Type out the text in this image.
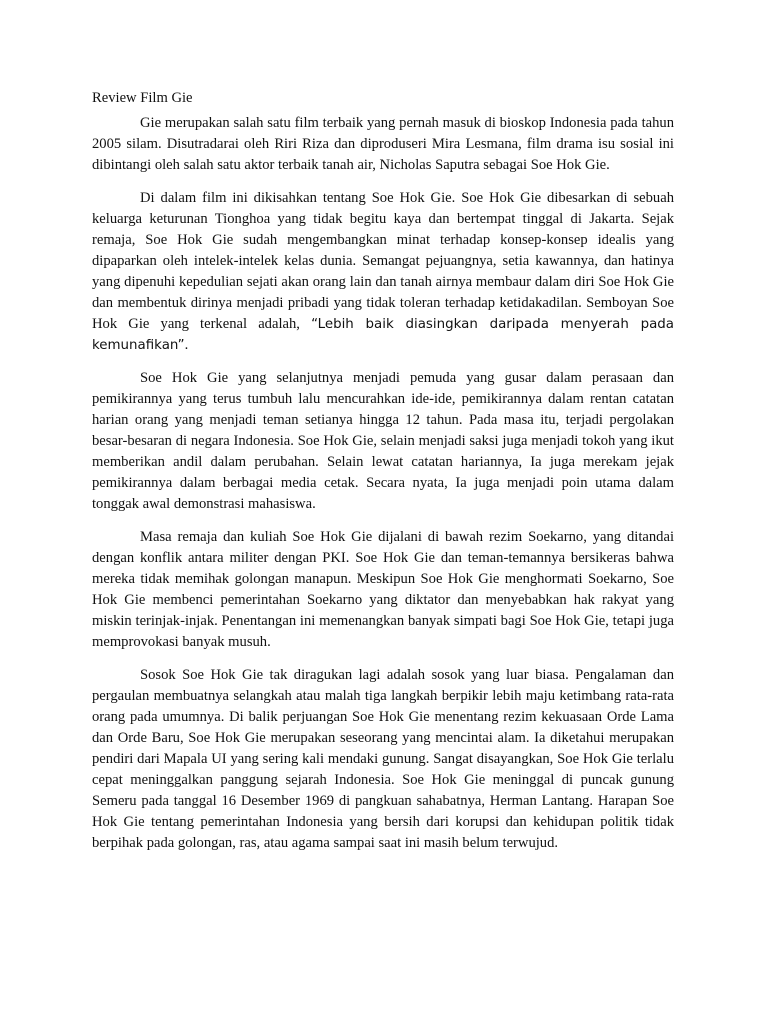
Review Film Gie

Gie merupakan salah satu film terbaik yang pernah masuk di bioskop Indonesia pada tahun 2005 silam. Disutradarai oleh Riri Riza dan diproduseri Mira Lesmana, film drama isu sosial ini dibintangi oleh salah satu aktor terbaik tanah air, Nicholas Saputra sebagai Soe Hok Gie.

Di dalam film ini dikisahkan tentang Soe Hok Gie. Soe Hok Gie dibesarkan di sebuah keluarga keturunan Tionghoa yang tidak begitu kaya dan bertempat tinggal di Jakarta. Sejak remaja, Soe Hok Gie sudah mengembangkan minat terhadap konsep-konsep idealis yang dipaparkan oleh intelek-intelek kelas dunia. Semangat pejuangnya, setia kawannya, dan hatinya yang dipenuhi kepedulian sejati akan orang lain dan tanah airnya membaur dalam diri Soe Hok Gie dan membentuk dirinya menjadi pribadi yang tidak toleran terhadap ketidakadilan. Semboyan Soe Hok Gie yang terkenal adalah, “Lebih baik diasingkan daripada menyerah pada kemunafikan”.

Soe Hok Gie yang selanjutnya menjadi pemuda yang gusar dalam perasaan dan pemikirannya yang terus tumbuh lalu mencurahkan ide-ide, pemikirannya dalam rentan catatan harian orang yang menjadi teman setianya hingga 12 tahun. Pada masa itu, terjadi pergolakan besar-besaran di negara Indonesia. Soe Hok Gie, selain menjadi saksi juga menjadi tokoh yang ikut memberikan andil dalam perubahan. Selain lewat catatan hariannya, Ia juga merekam jejak pemikirannya dalam berbagai media cetak. Secara nyata, Ia juga menjadi poin utama dalam tonggak awal demonstrasi mahasiswa.

Masa remaja dan kuliah Soe Hok Gie dijalani di bawah rezim Soekarno, yang ditandai dengan konflik antara militer dengan PKI. Soe Hok Gie dan teman-temannya bersikeras bahwa mereka tidak memihak golongan manapun. Meskipun Soe Hok Gie menghormati Soekarno, Soe Hok Gie membenci pemerintahan Soekarno yang diktator dan menyebabkan hak rakyat yang miskin terinjak-injak. Penentangan ini memenangkan banyak simpati bagi Soe Hok Gie, tetapi juga memprovokasi banyak musuh.

Sosok Soe Hok Gie tak diragukan lagi adalah sosok yang luar biasa. Pengalaman dan pergaulan membuatnya selangkah atau malah tiga langkah berpikir lebih maju ketimbang rata-rata orang pada umumnya. Di balik perjuangan Soe Hok Gie menentang rezim kekuasaan Orde Lama dan Orde Baru, Soe Hok Gie merupakan seseorang yang mencintai alam. Ia diketahui merupakan pendiri dari Mapala UI yang sering kali mendaki gunung. Sangat disayangkan, Soe Hok Gie terlalu cepat meninggalkan panggung sejarah Indonesia. Soe Hok Gie meninggal di puncak gunung Semeru pada tanggal 16 Desember 1969 di pangkuan sahabatnya, Herman Lantang. Harapan Soe Hok Gie tentang pemerintahan Indonesia yang bersih dari korupsi dan kehidupan politik tidak berpihak pada golongan, ras, atau agama sampai saat ini masih belum terwujud.
